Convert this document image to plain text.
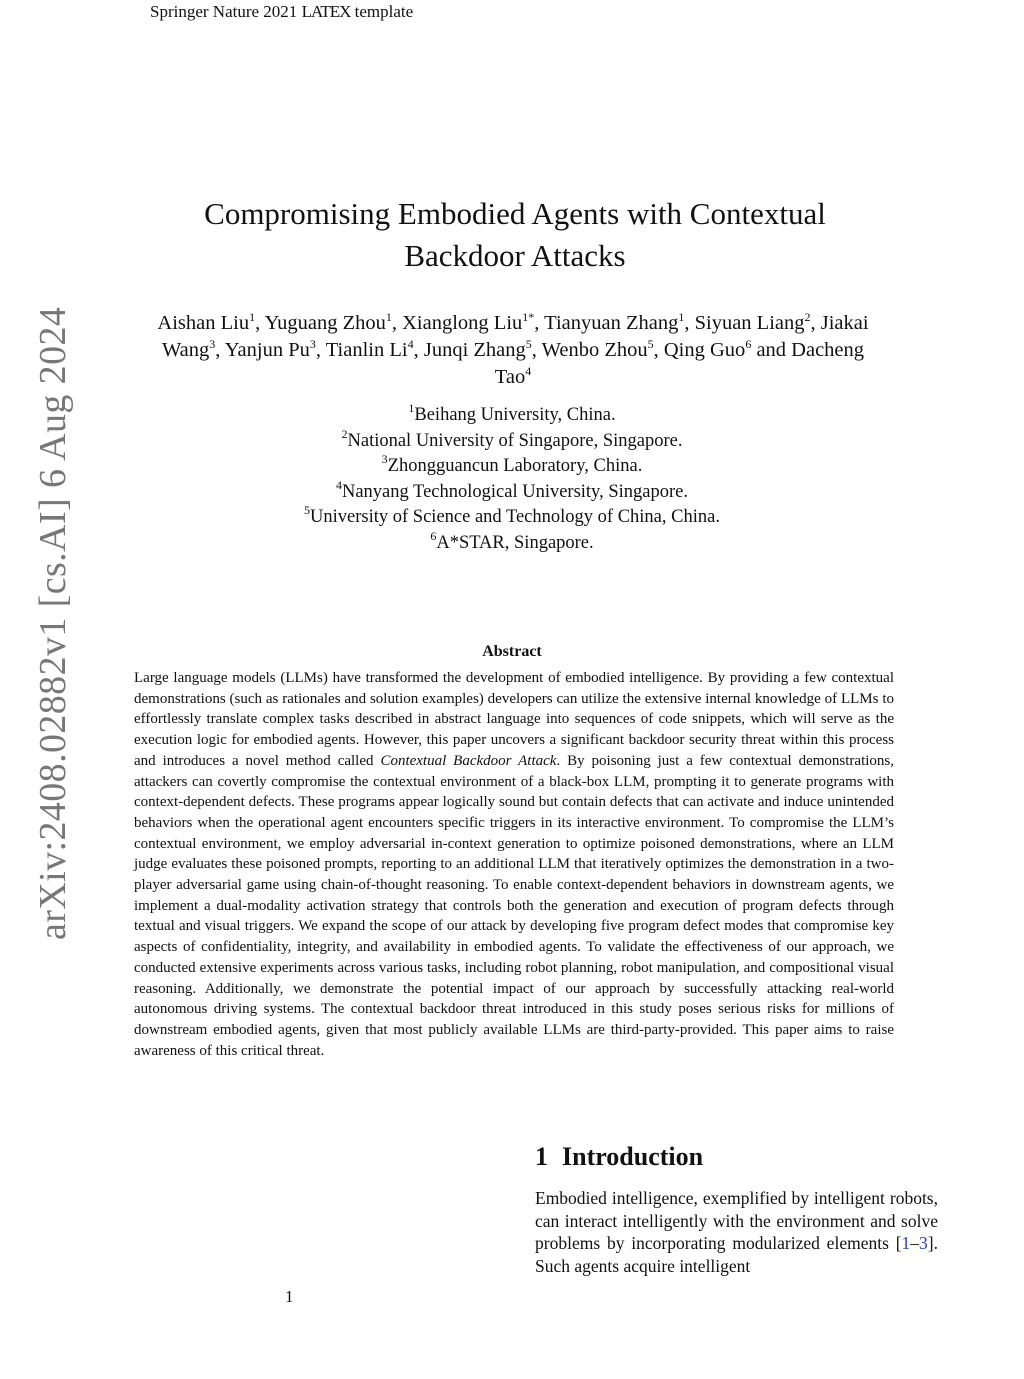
Springer Nature 2021 LATEX template
arXiv:2408.02882v1 [cs.AI] 6 Aug 2024
Compromising Embodied Agents with Contextual
Backdoor Attacks
Aishan Liu$^1$, Yuguang Zhou$^1$, Xianglong Liu$^{1*}$, Tianyuan Zhang$^1$, Siyuan Liang$^2$, Jiakai
Wang$^3$, Yanjun Pu$^3$, Tianlin Li$^4$, Junqi Zhang$^5$, Wenbo Zhou$^5$, Qing Guo$^6$ and Dacheng
Tao$^4$
$^1$Beihang University, China.
$^2$National University of Singapore, Singapore.
$^3$Zhongguancun Laboratory, China.
$^4$Nanyang Technological University, Singapore.
$^5$University of Science and Technology of China, China.
$^6$A*STAR, Singapore.
Abstract
Large language models (LLMs) have transformed the development of embodied intelligence. By providing a few contextual demonstrations (such as rationales and solution examples) developers can utilize the extensive internal knowledge of LLMs to effortlessly translate complex tasks described in abstract language into sequences of code snippets, which will serve as the execution logic for embodied agents. However, this paper uncovers a significant backdoor security threat within this process and introduces a novel method called Contextual Backdoor Attack. By poisoning just a few contextual demonstrations, attackers can covertly compromise the contextual environment of a black-box LLM, prompting it to generate programs with context-dependent defects. These programs appear logically sound but contain defects that can activate and induce unintended behaviors when the operational agent encounters specific triggers in its interactive environment. To compromise the LLM’s contextual environment, we employ adversarial in-context generation to optimize poisoned demonstrations, where an LLM judge evaluates these poisoned prompts, reporting to an additional LLM that iteratively optimizes the demonstration in a two-player adversarial game using chain-of-thought reasoning. To enable context-dependent behaviors in downstream agents, we implement a dual-modality activation strategy that controls both the generation and execution of program defects through textual and visual triggers. We expand the scope of our attack by developing five program defect modes that compromise key aspects of confidentiality, integrity, and availability in embodied agents. To validate the effectiveness of our approach, we conducted extensive experiments across various tasks, including robot planning, robot manipulation, and compositional visual reasoning. Additionally, we demonstrate the potential impact of our approach by successfully attacking real-world autonomous driving systems. The contextual backdoor threat introduced in this study poses serious risks for millions of downstream embodied agents, given that most publicly available LLMs are third-party-provided. This paper aims to raise awareness of this critical threat.
1 Introduction
Embodied intelligence, exemplified by intelligent robots, can interact intelligently with the environment and solve problems by incorporating modularized elements [1–3]. Such agents acquire intelligent
1
